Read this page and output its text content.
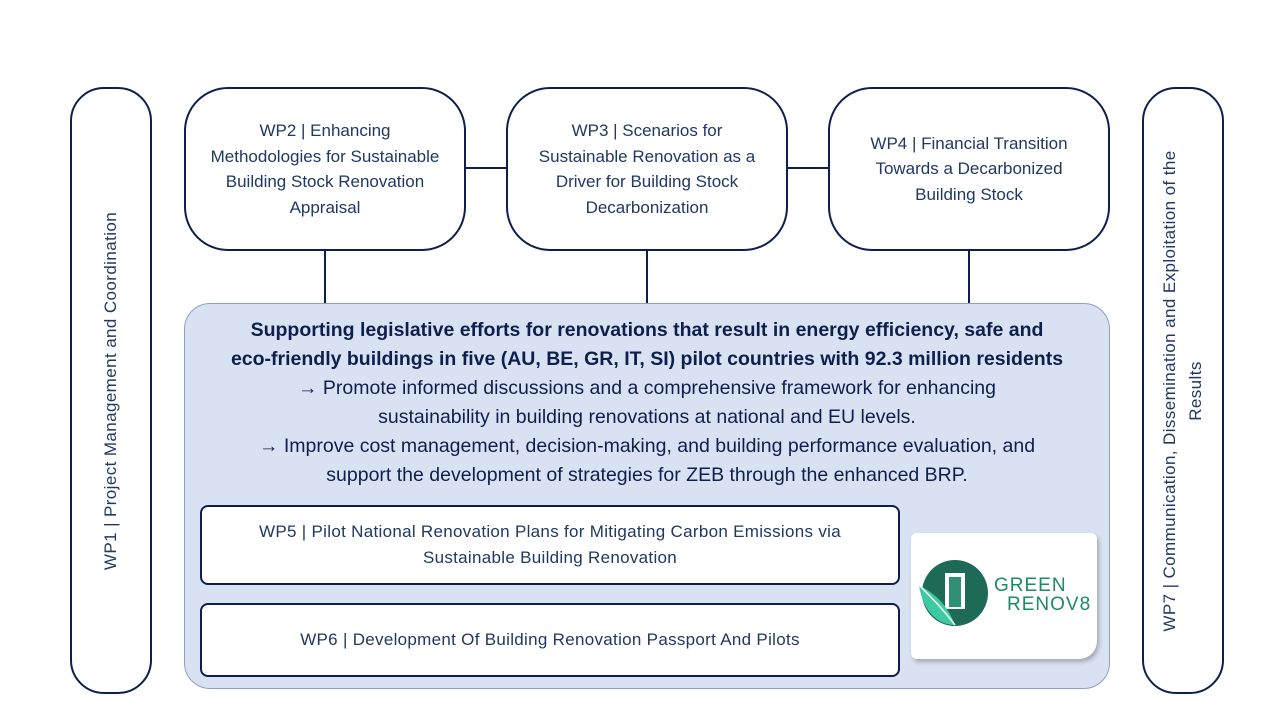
WP1 | Project Management and Coordination	WP7 | Communication, Dissemination and Exploitation of the Results
WP2 | Enhancing Methodologies for Sustainable Building Stock Renovation Appraisal
WP3 | Scenarios for Sustainable Renovation as a Driver for Building Stock Decarbonization
WP4 | Financial Transition Towards a Decarbonized Building Stock
Supporting legislative efforts for renovations that result in energy efficiency, safe and
eco-friendly buildings in five (AU, BE, GR, IT, SI) pilot countries with 92.3 million residents
→ Promote informed discussions and a comprehensive framework for enhancing
sustainability in building renovations at national and EU levels.
→ Improve cost management, decision-making, and building performance evaluation, and
support the development of strategies for ZEB through the enhanced BRP.
WP5 | Pilot National Renovation Plans for Mitigating Carbon Emissions via Sustainable Building Renovation
WP6 | Development Of Building Renovation Passport And Pilots
GREEN
RENOV8
